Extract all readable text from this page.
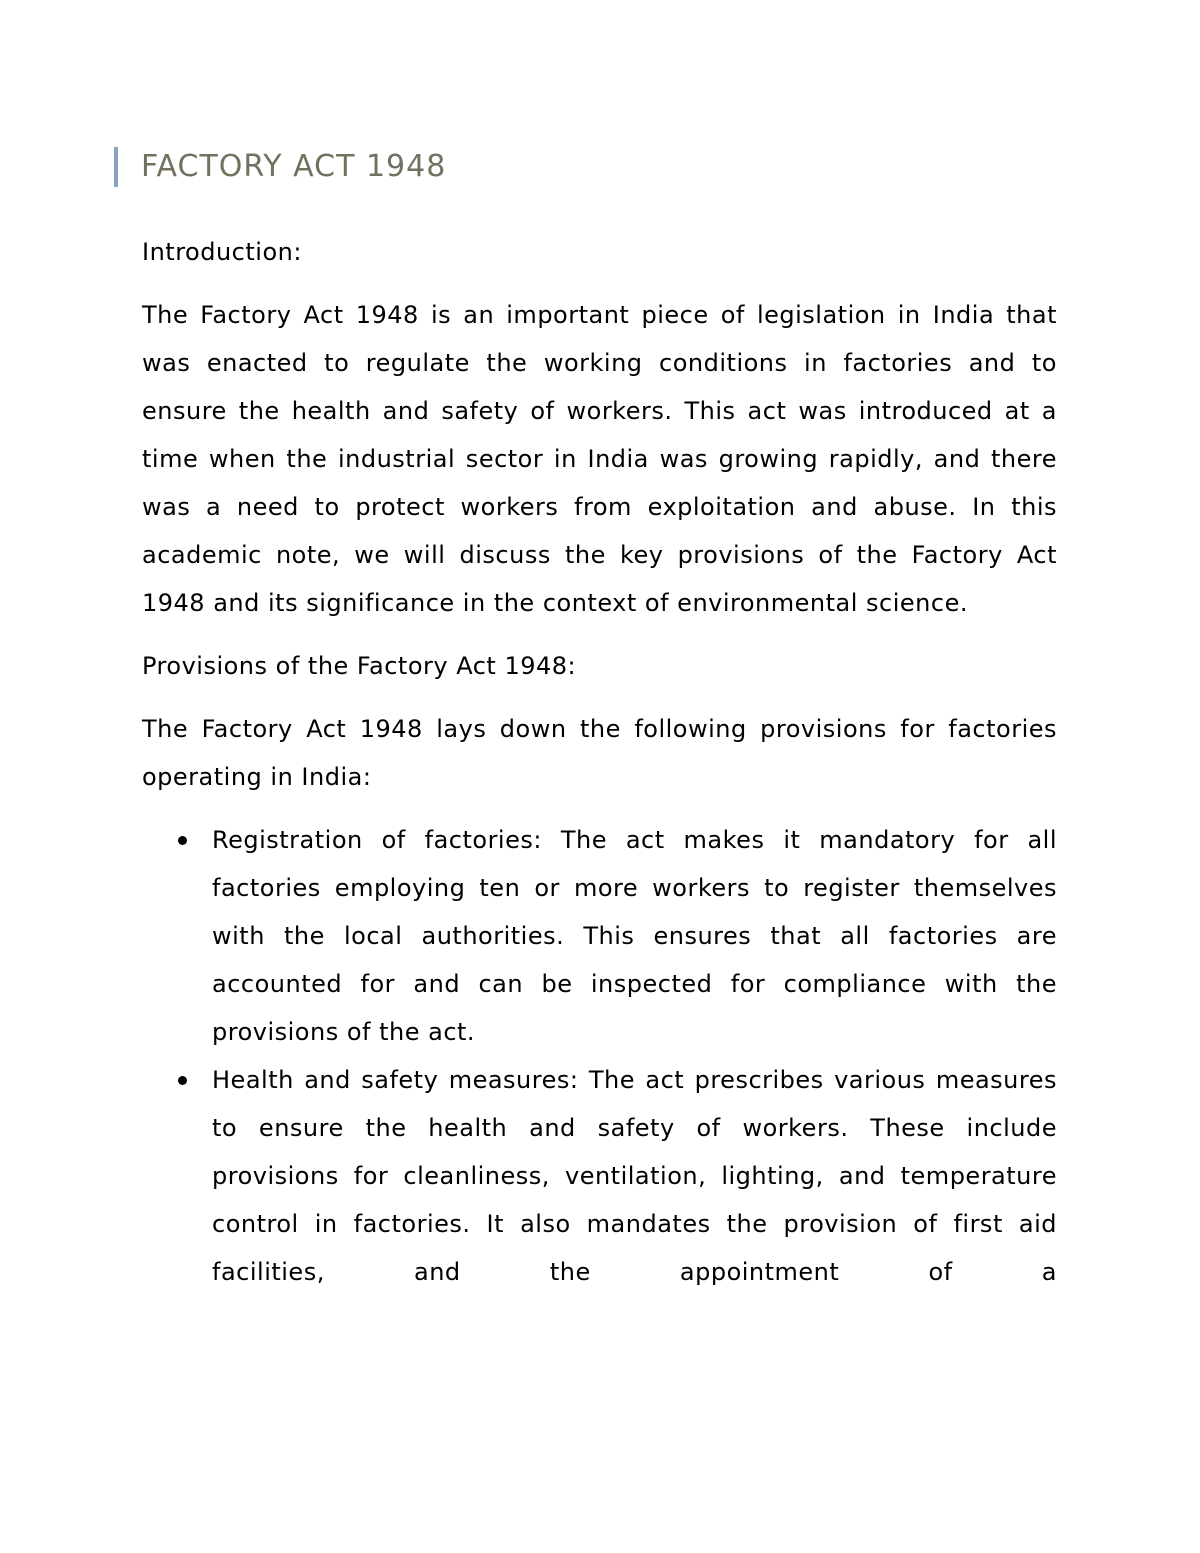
FACTORY ACT 1948

Introduction:

The Factory Act 1948 is an important piece of legislation in India that was enacted to regulate the working conditions in factories and to ensure the health and safety of workers. This act was introduced at a time when the industrial sector in India was growing rapidly, and there was a need to protect workers from exploitation and abuse. In this academic note, we will discuss the key provisions of the Factory Act 1948 and its significance in the context of environmental science.

Provisions of the Factory Act 1948:

The Factory Act 1948 lays down the following provisions for factories operating in India:

Registration of factories: The act makes it mandatory for all factories employing ten or more workers to register themselves with the local authorities. This ensures that all factories are accounted for and can be inspected for compliance with the provisions of the act.
Health and safety measures: The act prescribes various measures to ensure the health and safety of workers. These include provisions for cleanliness, ventilation, lighting, and temperature control in factories. It also mandates the provision of first aid facilities, and the appointment of a
